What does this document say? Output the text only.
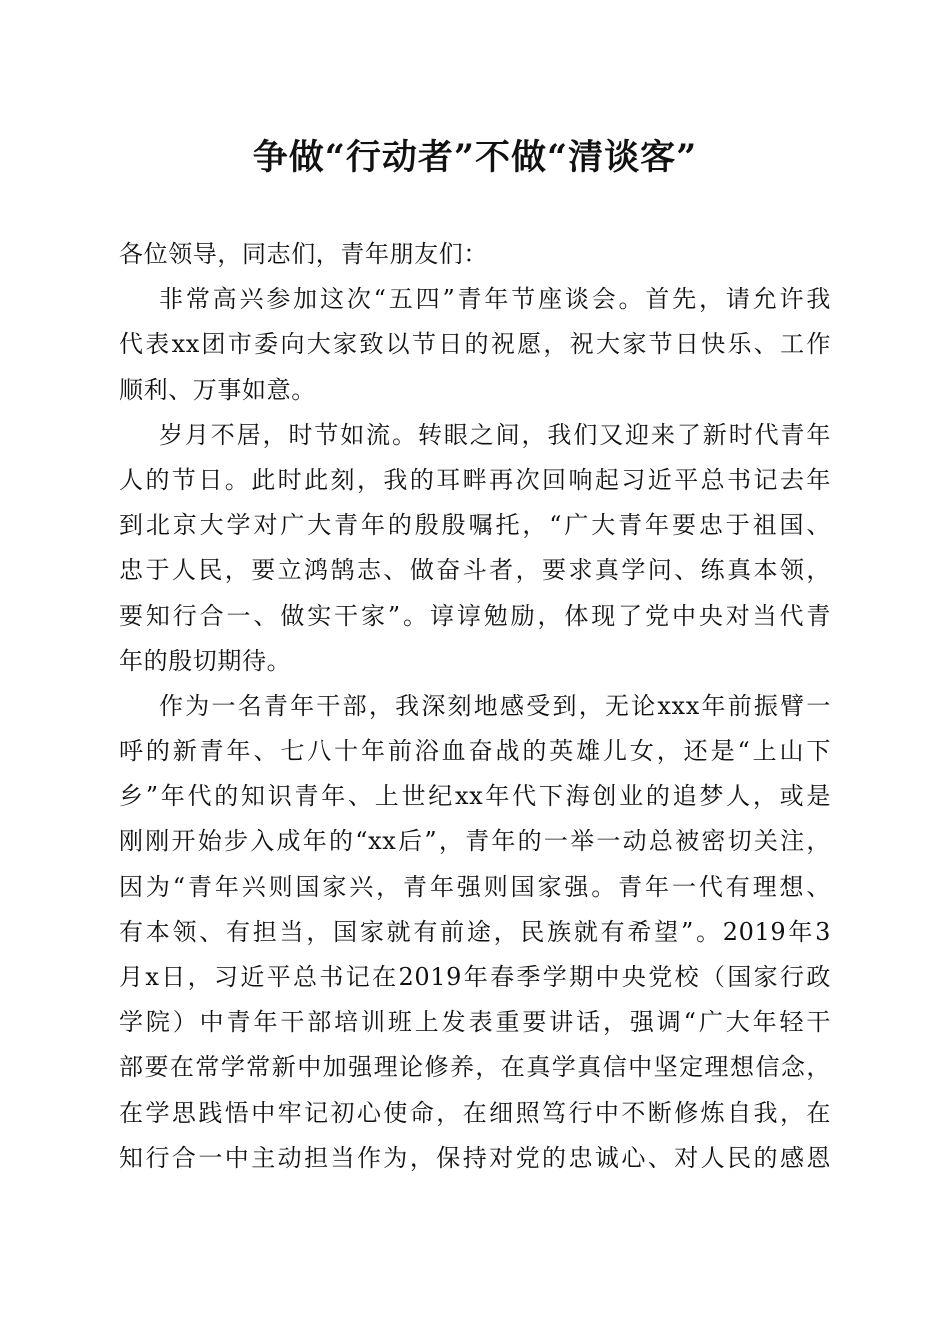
争做“行动者”不做“清谈客”
各位领导，同志们，青年朋友们：
非常高兴参加这次“五四”青年节座谈会。首先，请允许我
代表xx团市委向大家致以节日的祝愿，祝大家节日快乐、工作
顺利、万事如意。
岁月不居，时节如流。转眼之间，我们又迎来了新时代青年
人的节日。此时此刻，我的耳畔再次回响起习近平总书记去年
到北京大学对广大青年的殷殷嘱托，“广大青年要忠于祖国、
忠于人民，要立鸿鹄志、做奋斗者，要求真学问、练真本领，
要知行合一、做实干家”。谆谆勉励，体现了党中央对当代青
年的殷切期待。
作为一名青年干部，我深刻地感受到，无论xxx年前振臂一
呼的新青年、七八十年前浴血奋战的英雄儿女，还是“上山下
乡”年代的知识青年、上世纪xx年代下海创业的追梦人，或是
刚刚开始步入成年的“xx后”，青年的一举一动总被密切关注，
因为“青年兴则国家兴，青年强则国家强。青年一代有理想、
有本领、有担当，国家就有前途，民族就有希望”。2019年3
月x日，习近平总书记在2019年春季学期中央党校（国家行政
学院）中青年干部培训班上发表重要讲话，强调“广大年轻干
部要在常学常新中加强理论修养，在真学真信中坚定理想信念，
在学思践悟中牢记初心使命，在细照笃行中不断修炼自我，在
知行合一中主动担当作为，保持对党的忠诚心、对人民的感恩
